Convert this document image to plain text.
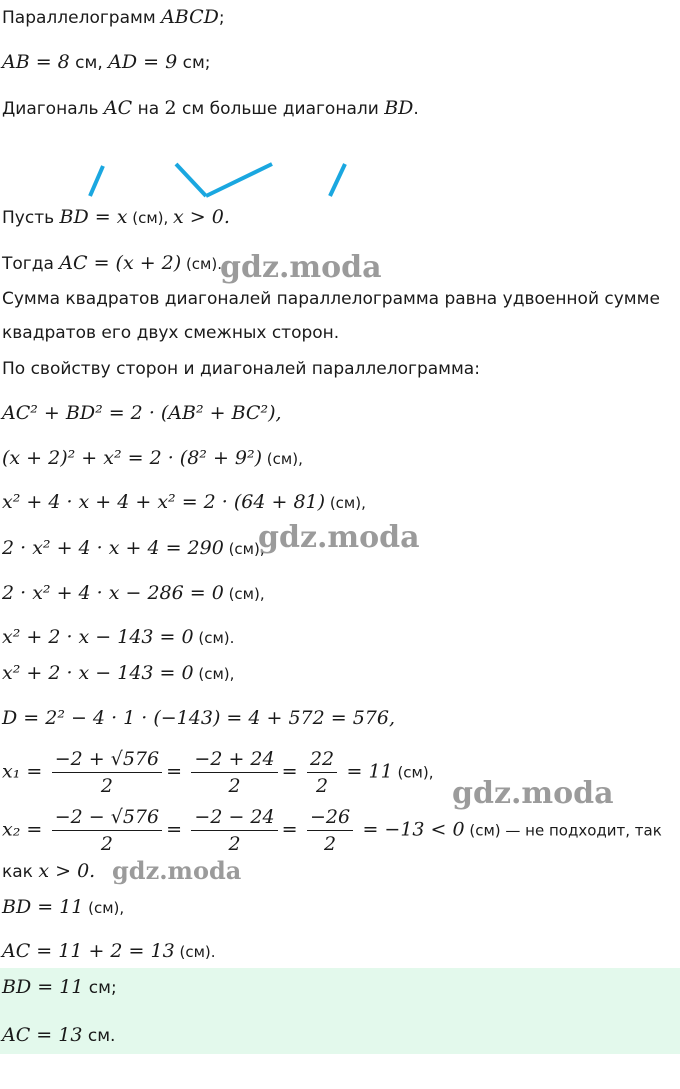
Параллелограмм ABCD;
AB = 8 см, AD = 9 см;
Диагональ AC на 2 см больше диагонали BD.
Пусть BD = x (см), x > 0.
Тогда AC = (x + 2) (см).
Сумма квадратов диагоналей параллелограмма равна удвоенной сумме
квадратов его двух смежных сторон.
По свойству сторон и диагоналей параллелограмма:
AC² + BD² = 2 · (AB² + BC²),
(x + 2)² + x² = 2 · (8² + 9²) (см),
x² + 4 · x + 4 + x² = 2 · (64 + 81) (см),
2 · x² + 4 · x + 4 = 290 (см),
2 · x² + 4 · x − 286 = 0 (см),
x² + 2 · x − 143 = 0 (см).
x² + 2 · x − 143 = 0 (см),
D = 2² − 4 · 1 · (−143) = 4 + 572 = 576,
$x_1 = \frac{-2 + √576}{2} = \frac{-2 + 24}{2} = \frac{22}{2} = 11$ (см),
$x_2 = \frac{-2 - √576}{2} = \frac{-2 - 24}{2} = \frac{-26}{2} = -13 < 0$ (см) — не подходит, так
как x > 0.
BD = 11 (см),
AC = 11 + 2 = 13 (см).
BD = 11 см;
AC = 13 см.
gdz.moda
gdz.moda
gdz.moda
gdz.moda
